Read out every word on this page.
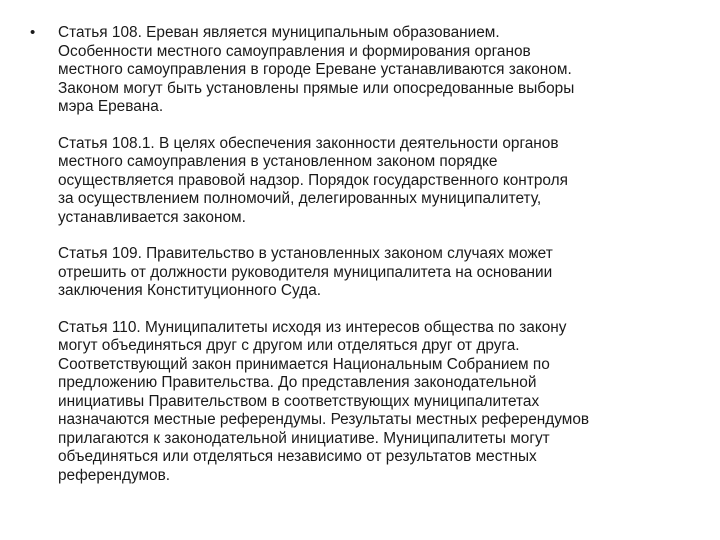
• Статья 108. Ереван является муниципальным образованием.
Особенности местного самоуправления и формирования органов
местного самоуправления в городе Ереване устанавливаются законом.
Законом могут быть установлены прямые или опосредованные выборы
мэра Еревана.

Статья 108.1. В целях обеспечения законности деятельности органов
местного самоуправления в установленном законом порядке
осуществляется правовой надзор. Порядок государственного контроля
за осуществлением полномочий, делегированных муниципалитету,
устанавливается законом.

Статья 109. Правительство в установленных законом случаях может
отрешить от должности руководителя муниципалитета на основании
заключения Конституционного Суда.

Статья 110. Муниципалитеты исходя из интересов общества по закону
могут объединяться друг с другом или отделяться друг от друга.
Соответствующий закон принимается Национальным Собранием по
предложению Правительства. До представления законодательной
инициативы Правительством в соответствующих муниципалитетах
назначаются местные референдумы. Результаты местных референдумов
прилагаются к законодательной инициативе. Муниципалитеты могут
объединяться или отделяться независимо от результатов местных
референдумов.
